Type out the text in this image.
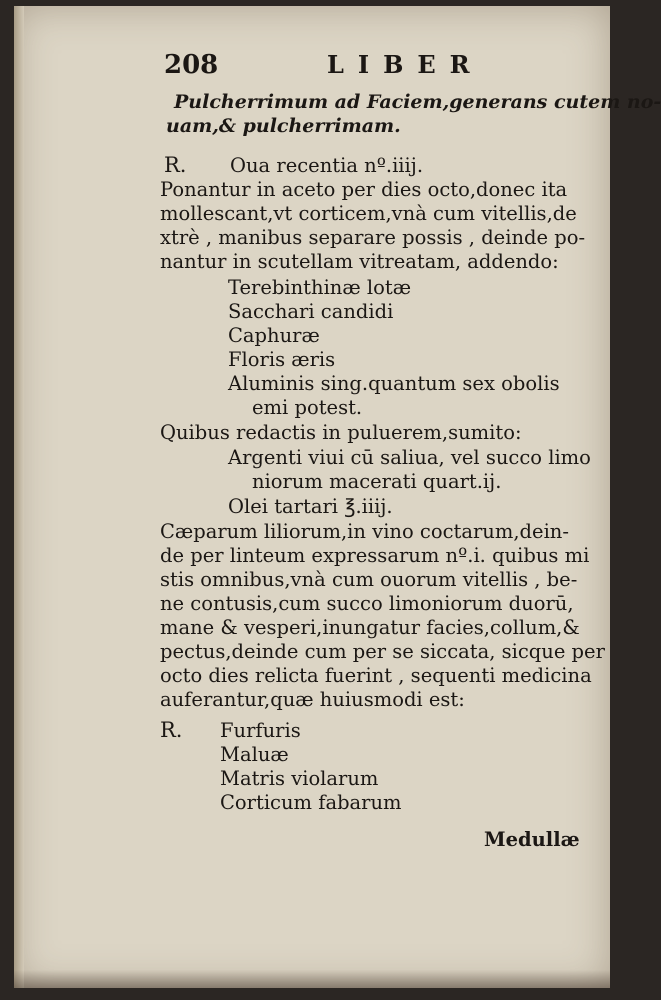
208	LIBER

Pulcherrimum ad Faciem,generans cutem no-

uam,& pulcherrimam.

R. Oua recentia nº.iiij.

Ponantur in aceto per dies octo,donec ita

mollescant,vt corticem,vnà cum vitellis,de

xtrè , manibus separare possis , deinde po-

nantur in scutellam vitreatam, addendo:

Terebinthinæ lotæ

Sacchari candidi

Caphuræ

Floris æris

Aluminis sing.quantum sex obolis

emi potest.

Quibus redactis in puluerem,sumito:

Argenti viui cū saliua, vel succo limo

niorum macerati quart.ij.

Olei tartari ℥.iiij.

Cæparum liliorum,in vino coctarum,dein-

de per linteum expressarum nº.i. quibus mi

stis omnibus,vnà cum ouorum vitellis , be-

ne contusis,cum succo limoniorum duorū,

mane & vesperi,inungatur facies,collum,&

pectus,deinde cum per se siccata, sicque per

octo dies relicta fuerint , sequenti medicina

auferantur,quæ huiusmodi est:

R. Furfuris

Maluæ

Matris violarum

Corticum fabarum

Medullæ
